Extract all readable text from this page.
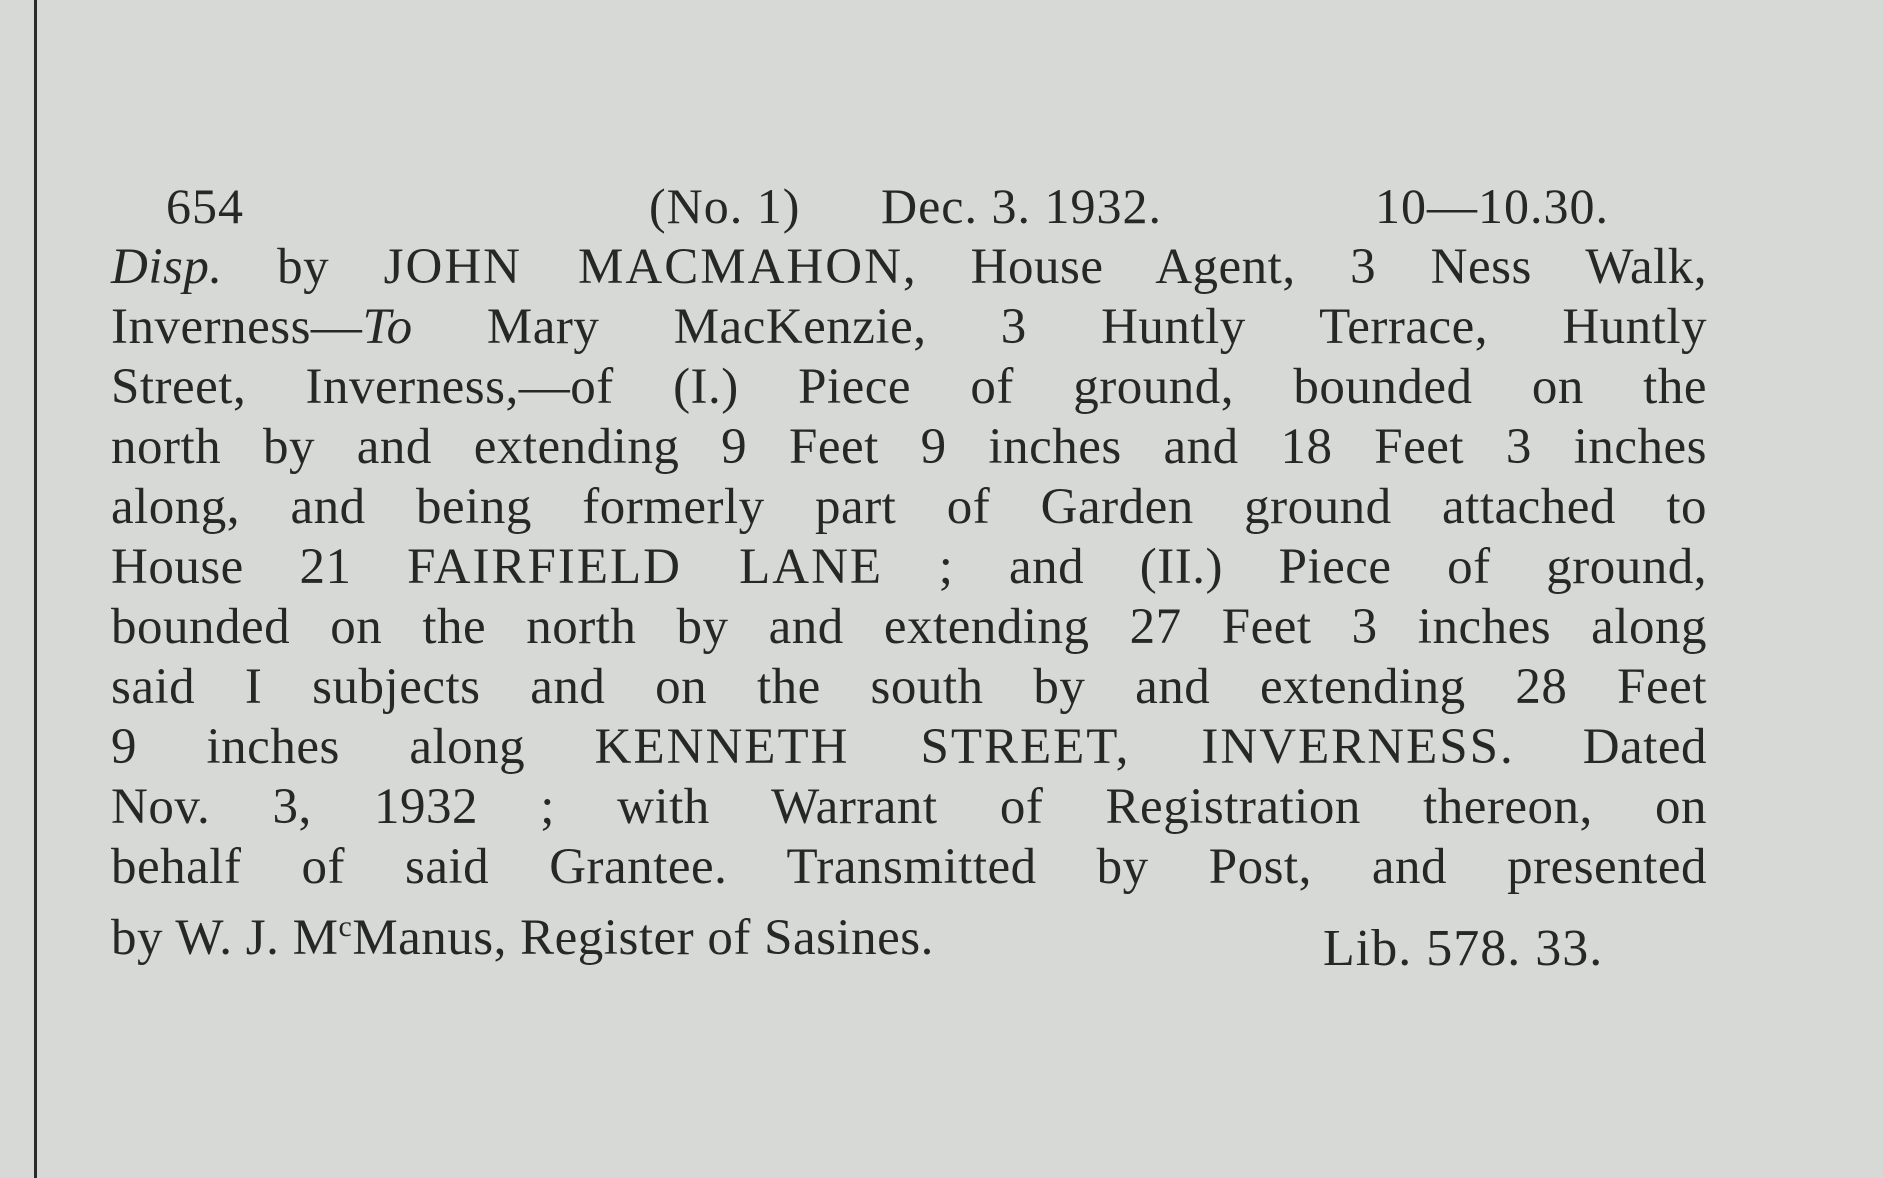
654	(No. 1) Dec. 3. 1932.	10—10.30.
Disp. by JOHN MACMAHON, House Agent, 3 Ness Walk,
Inverness—To Mary MacKenzie, 3 Huntly Terrace, Huntly
Street, Inverness,—of (I.) Piece of ground, bounded on the
north by and extending 9 Feet 9 inches and 18 Feet 3 inches
along, and being formerly part of Garden ground attached to
House 21 FAIRFIELD LANE ; and (II.) Piece of ground,
bounded on the north by and extending 27 Feet 3 inches along
said I subjects and on the south by and extending 28 Feet
9 inches along KENNETH STREET, INVERNESS. Dated
Nov. 3, 1932 ; with Warrant of Registration thereon, on
behalf of said Grantee. Transmitted by Post, and presented
by W. J. $M^cManus$, Register of Sasines.	Lib. 578. 33.
